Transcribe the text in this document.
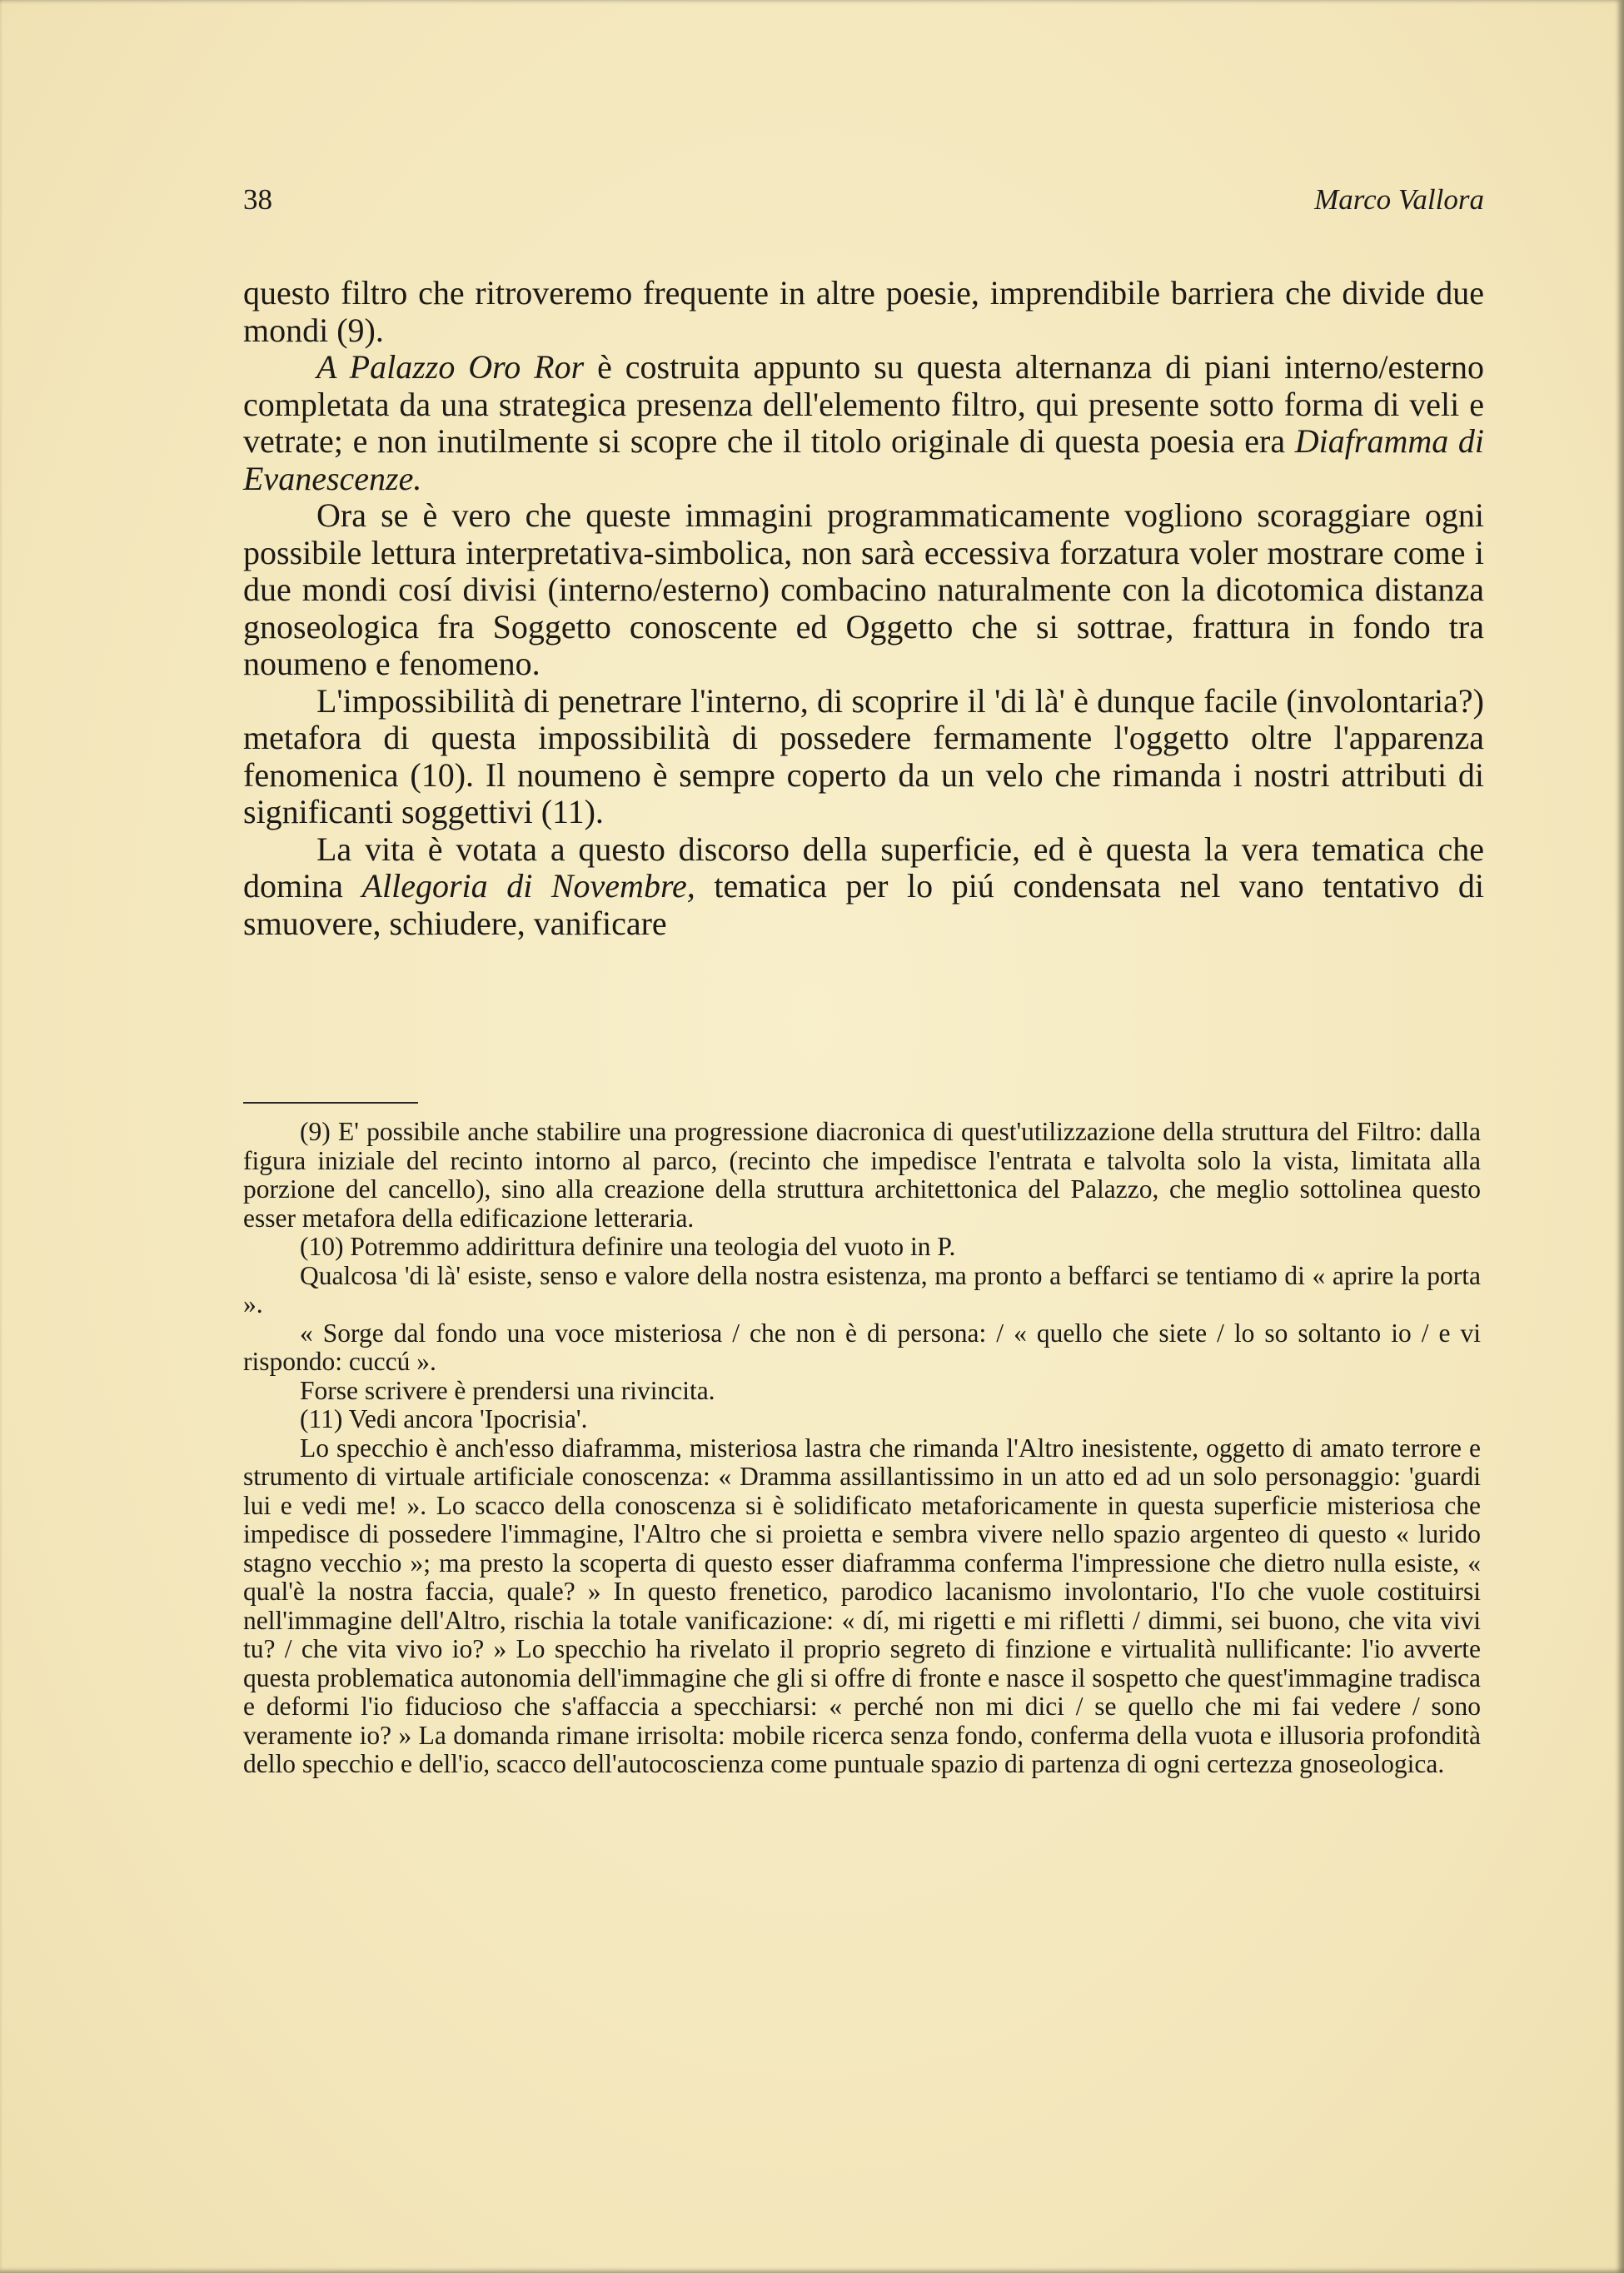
38	Marco Vallora

questo filtro che ritroveremo frequente in altre poesie, imprendibile barriera che divide due mondi (9).

A Palazzo Oro Ror è costruita appunto su questa alternanza di piani interno/esterno completata da una strategica presenza dell'elemento filtro, qui presente sotto forma di veli e vetrate; e non inutilmente si scopre che il titolo originale di questa poesia era Diaframma di Evanescenze.

Ora se è vero che queste immagini programmaticamente vogliono scoraggiare ogni possibile lettura interpretativa-simbolica, non sarà eccessiva forzatura voler mostrare come i due mondi cosí divisi (interno/esterno) combacino naturalmente con la dicotomica distanza gnoseologica fra Soggetto conoscente ed Oggetto che si sottrae, frattura in fondo tra noumeno e fenomeno.

L'impossibilità di penetrare l'interno, di scoprire il 'di là' è dunque facile (involontaria?) metafora di questa impossibilità di possedere fermamente l'oggetto oltre l'apparenza fenomenica (10). Il noumeno è sempre coperto da un velo che rimanda i nostri attributi di significanti soggettivi (11).

La vita è votata a questo discorso della superficie, ed è questa la vera tematica che domina Allegoria di Novembre, tematica per lo piú condensata nel vano tentativo di smuovere, schiudere, vanificare

(9) E' possibile anche stabilire una progressione diacronica di quest'utilizzazione della struttura del Filtro: dalla figura iniziale del recinto intorno al parco, (recinto che impedisce l'entrata e talvolta solo la vista, limitata alla porzione del cancello), sino alla creazione della struttura architettonica del Palazzo, che meglio sottolinea questo esser metafora della edificazione letteraria.

(10) Potremmo addirittura definire una teologia del vuoto in P.

Qualcosa 'di là' esiste, senso e valore della nostra esistenza, ma pronto a beffarci se tentiamo di « aprire la porta ».

« Sorge dal fondo una voce misteriosa / che non è di persona: / « quello che siete / lo so soltanto io / e vi rispondo: cuccú ».

Forse scrivere è prendersi una rivincita.

(11) Vedi ancora 'Ipocrisia'.

Lo specchio è anch'esso diaframma, misteriosa lastra che rimanda l'Altro inesistente, oggetto di amato terrore e strumento di virtuale artificiale conoscenza: « Dramma assillantissimo in un atto ed ad un solo personaggio: 'guardi lui e vedi me! ». Lo scacco della conoscenza si è solidificato metaforicamente in questa superficie misteriosa che impedisce di possedere l'immagine, l'Altro che si proietta e sembra vivere nello spazio argenteo di questo « lurido stagno vecchio »; ma presto la scoperta di questo esser diaframma conferma l'impressione che dietro nulla esiste, « qual'è la nostra faccia, quale? » In questo frenetico, parodico lacanismo involontario, l'Io che vuole costituirsi nell'immagine dell'Altro, rischia la totale vanificazione: « dí, mi rigetti e mi rifletti / dimmi, sei buono, che vita vivi tu? / che vita vivo io? » Lo specchio ha rivelato il proprio segreto di finzione e virtualità nullificante: l'io avverte questa problematica autonomia dell'immagine che gli si offre di fronte e nasce il sospetto che quest'immagine tradisca e deformi l'io fiducioso che s'affaccia a specchiarsi: « perché non mi dici / se quello che mi fai vedere / sono veramente io? » La domanda rimane irrisolta: mobile ricerca senza fondo, conferma della vuota e illusoria profondità dello specchio e dell'io, scacco dell'autocoscienza come puntuale spazio di partenza di ogni certezza gnoseologica.
